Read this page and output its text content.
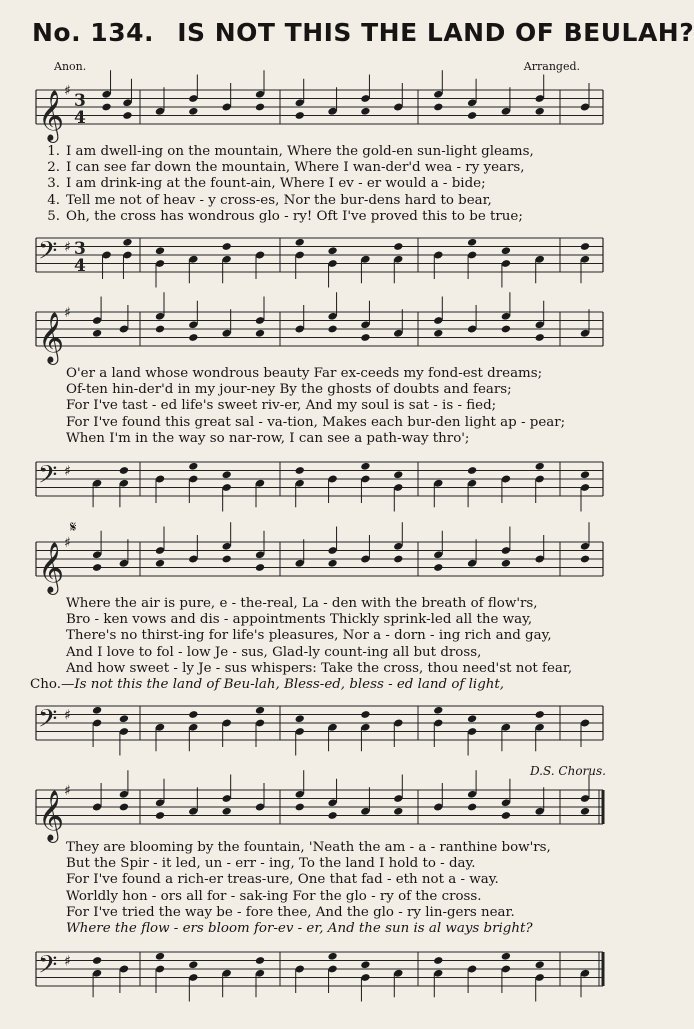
No. 134. IS NOT THIS THE LAND OF BEULAH?
Anon.	Arranged.
𝄞 ♯ 3
4
1. I am dwell-ing on the mountain, Where the gold-en sun-light gleams,
2. I can see far down the mountain, Where I wan-der'd wea - ry years,
3. I am drink-ing at the fount-ain, Where I ev - er would a - bide;
4. Tell me not of heav - y cross-es, Nor the bur-dens hard to bear,
5. Oh, the cross has wondrous glo - ry! Oft I've proved this to be true;
𝄢 ♯ 3
4
𝄞 ♯
O'er a land whose wondrous beauty Far ex-ceeds my fond-est dreams;
Of-ten hin-der'd in my jour-ney By the ghosts of doubts and fears;
For I've tast - ed life's sweet riv-er, And my soul is sat - is - fied;
For I've found this great sal - va-tion, Makes each bur-den light ap - pear;
When I'm in the way so nar-row, I can see a path-way thro';
𝄢 ♯
𝄋
𝄞 ♯
Where the air is pure, e - the-real, La - den with the breath of flow'rs,
Bro - ken vows and dis - appointments Thickly sprink-led all the way,
There's no thirst-ing for life's pleasures, Nor a - dorn - ing rich and gay,
And I love to fol - low Je - sus, Glad-ly count-ing all but dross,
And how sweet - ly Je - sus whispers: Take the cross, thou need'st not fear,
Cho.—Is not this the land of Beu-lah, Bless-ed, bless - ed land of light,
𝄢 ♯
D.S. Chorus.
𝄞 ♯
They are blooming by the fountain, 'Neath the am - a - ranthine bow'rs,
But the Spir - it led, un - err - ing, To the land I hold to - day.
For I've found a rich-er treas-ure, One that fad - eth not a - way.
Worldly hon - ors all for - sak-ing For the glo - ry of the cross.
For I've tried the way be - fore thee, And the glo - ry lin-gers near.
Where the flow - ers bloom for-ev - er, And the sun is al ways bright?
𝄢 ♯
